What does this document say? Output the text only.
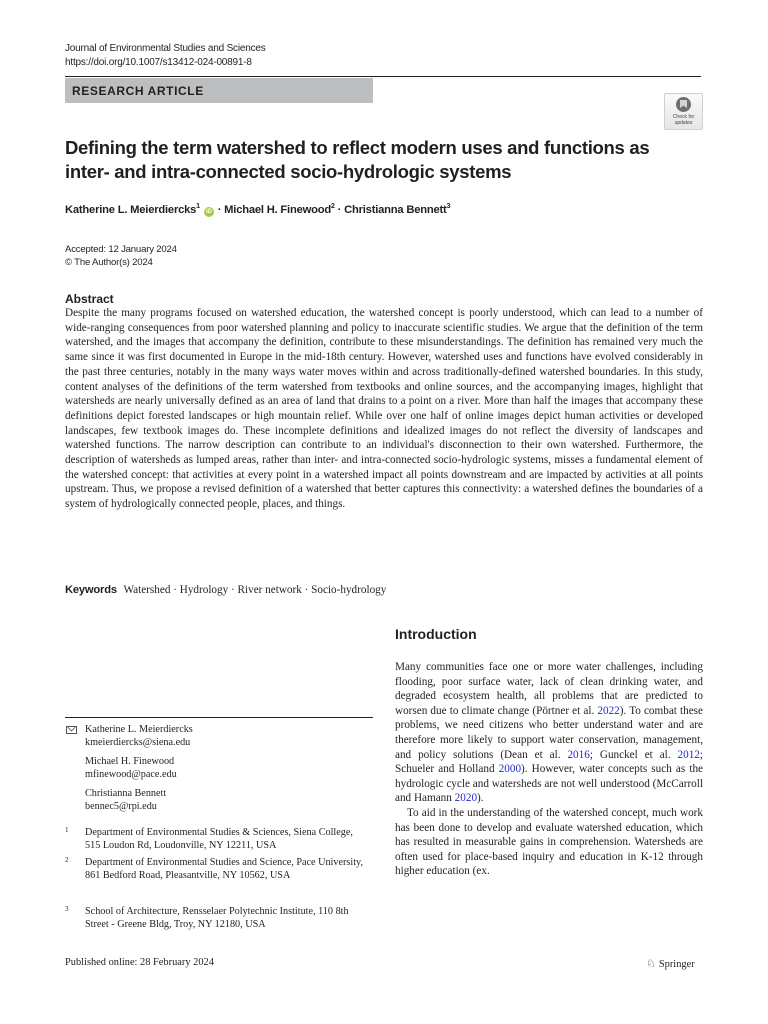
Journal of Environmental Studies and Sciences
https://doi.org/10.1007/s13412-024-00891-8
RESEARCH ARTICLE
Check for
updates
Defining the term watershed to reflect modern uses and functions as inter- and intra-connected socio-hydrologic systems
Katherine L. Meierdiercks$^1$ iD · Michael H. Finewood$^2$ · Christianna Bennett$^3$
Accepted: 12 January 2024
© The Author(s) 2024
Abstract
Despite the many programs focused on watershed education, the watershed concept is poorly understood, which can lead to a number of wide-ranging consequences from poor watershed planning and policy to inaccurate scientific studies. We argue that the definition of the term watershed, and the images that accompany the definition, contribute to these misunderstandings. The definition has remained very much the same since it was first documented in Europe in the mid-18th century. However, watershed uses and functions have evolved considerably in the past three centuries, notably in the many ways water moves within and across traditionally-defined watershed boundaries. In this study, content analyses of the definitions of the term watershed from textbooks and online sources, and the accompanying images, highlight that watersheds are nearly universally defined as an area of land that drains to a point on a river. More than half the images that accompany these definitions depict forested landscapes or high mountain relief. While over one half of online images depict human activities or developed landscapes, few textbook images do. These incomplete definitions and idealized images do not reflect the diversity of landscapes and watershed functions. The narrow description can contribute to an individual's disconnection to their own watershed. Furthermore, the description of watersheds as lumped areas, rather than inter- and intra-connected socio-hydrologic systems, misses a fundamental element of the watershed concept: that activities at every point in a watershed impact all points downstream and are impacted by activities at all points upstream. Thus, we propose a revised definition of a watershed that better captures this connectivity: a watershed defines the boundaries of a system of hydrologically connected people, places, and things.
Keywords Watershed · Hydrology · River network · Socio-hydrology
Introduction

Many communities face one or more water challenges, including flooding, poor surface water, lack of clean drinking water, and degraded ecosystem health, all problems that are predicted to worsen due to climate change (Pörtner et al. 2022). To combat these problems, we need citizens who better understand water and are therefore more likely to support water conservation, management, and policy solutions (Dean et al. 2016; Gunckel et al. 2012; Schueler and Holland 2000). However, water concepts such as the hydrologic cycle and watersheds are not well understood (McCarroll and Hamann 2020).

To aid in the understanding of the watershed concept, much work has been done to develop and evaluate watershed education, which has resulted in measurable gains in comprehension. Watersheds are often used for place-based inquiry and education in K-12 through higher education (ex.

Katherine L. Meierdiercks
kmeierdiercks@siena.edu
Michael H. Finewood
mfinewood@pace.edu
Christianna Bennett
bennec5@rpi.edu
1 Department of Environmental Studies & Sciences, Siena College, 515 Loudon Rd, Loudonville, NY 12211, USA
2 Department of Environmental Studies and Science, Pace University, 861 Bedford Road, Pleasantville, NY 10562, USA
3 School of Architecture, Rensselaer Polytechnic Institute, 110 8th Street - Greene Bldg, Troy, NY 12180, USA
Published online: 28 February 2024	♘ Springer
